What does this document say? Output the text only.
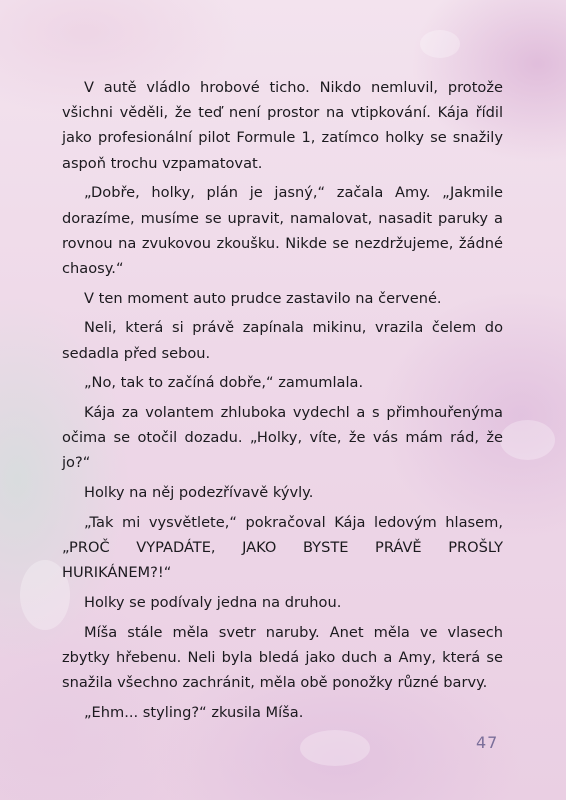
V autě vládlo hrobové ticho. Nikdo nemluvil, protože všichni věděli, že teď není prostor na vtipkování. Kája řídil jako profesionální pilot Formule 1, zatímco holky se snažily aspoň trochu vzpamatovat.

„Dobře, holky, plán je jasný,“ začala Amy. „Jakmile dorazíme, musíme se upravit, namalovat, nasadit paruky a rovnou na zvukovou zkoušku. Nikde se nezdržujeme, žádné chaosy.“

V ten moment auto prudce zastavilo na červené.

Neli, která si právě zapínala mikinu, vrazila čelem do sedadla před sebou.

„No, tak to začíná dobře,“ zamumlala.

Kája za volantem zhluboka vydechl a s přimhouřenýma očima se otočil dozadu. „Holky, víte, že vás mám rád, že jo?“

Holky na něj podezřívavě kývly.

„Tak mi vysvětlete,“ pokračoval Kája ledovým hlasem, „PROČ VYPADÁTE, JAKO BYSTE PRÁVĚ PROŠLY HURIKÁNEM?!“

Holky se podívaly jedna na druhou.

Míša stále měla svetr naruby. Anet měla ve vlasech zbytky hřebenu. Neli byla bledá jako duch a Amy, která se snažila všechno zachránit, měla obě ponožky různé barvy.

„Ehm... styling?“ zkusila Míša.

47
